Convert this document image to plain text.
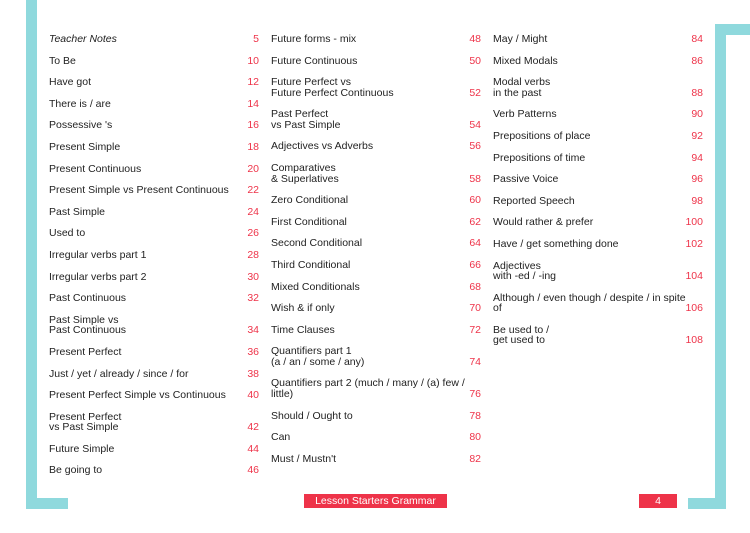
Teacher Notes	5
To Be	10
Have got	12
There is / are	14
Possessive 's	16
Present Simple	18
Present Continuous	20
Present Simple vs Present Continuous	22
Past Simple	24
Used to	26
Irregular verbs part 1	28
Irregular verbs part 2	30
Past Continuous	32
Past Simple vs
Past Continuous	34
Present Perfect	36
Just / yet / already / since / for	38
Present Perfect Simple vs Continuous	40
Present Perfect
vs Past Simple	42
Future Simple	44
Be going to	46
Future forms - mix	48
Future Continuous	50
Future Perfect vs
Future Perfect Continuous	52
Past Perfect
vs Past Simple	54
Adjectives vs Adverbs	56
Comparatives
& Superlatives	58
Zero Conditional	60
First Conditional	62
Second Conditional	64
Third Conditional	66
Mixed Conditionals	68
Wish & if only	70
Time Clauses	72
Quantifiers part 1
(a / an / some / any)	74
Quantifiers part 2 (much / many / (a) few /
little)	76
Should / Ought to	78
Can	80
Must / Mustn't	82
May / Might	84
Mixed Modals	86
Modal verbs
in the past	88
Verb Patterns	90
Prepositions of place	92
Prepositions of time	94
Passive Voice	96
Reported Speech	98
Would rather & prefer	100
Have / get something done	102
Adjectives
with -ed / -ing	104
Although / even though / despite / in spite
of	106
Be used to /
get used to	108
Lesson Starters Grammar	4
